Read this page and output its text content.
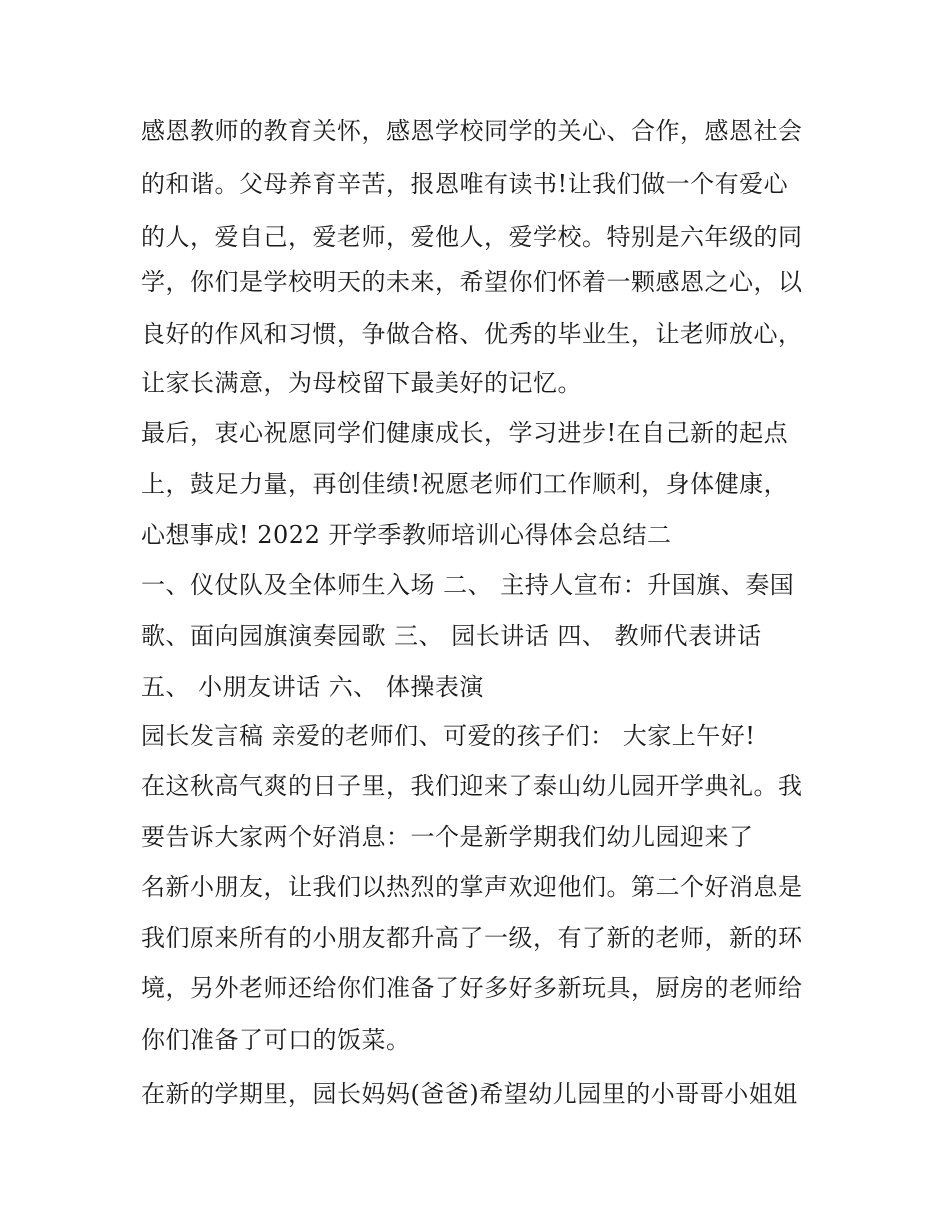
感恩教师的教育关怀，感恩学校同学的关心、合作，感恩社会
的和谐。父母养育辛苦，报恩唯有读书!让我们做一个有爱心
的人，爱自己，爱老师，爱他人，爱学校。特别是六年级的同
学，你们是学校明天的未来，希望你们怀着一颗感恩之心，以
良好的作风和习惯，争做合格、优秀的毕业生，让老师放心，
让家长满意，为母校留下最美好的记忆。
最后，衷心祝愿同学们健康成长，学习进步!在自己新的起点
上，鼓足力量，再创佳绩!祝愿老师们工作顺利，身体健康，
心想事成! 2022 开学季教师培训心得体会总结二
一、仪仗队及全体师生入场 二、 主持人宣布：升国旗、奏国
歌、面向园旗演奏园歌 三、 园长讲话 四、 教师代表讲话
五、 小朋友讲话 六、 体操表演
园长发言稿 亲爱的老师们、可爱的孩子们： 大家上午好!
在这秋高气爽的日子里，我们迎来了泰山幼儿园开学典礼。我
要告诉大家两个好消息：一个是新学期我们幼儿园迎来了
名新小朋友，让我们以热烈的掌声欢迎他们。第二个好消息是
我们原来所有的小朋友都升高了一级，有了新的老师，新的环
境，另外老师还给你们准备了好多好多新玩具，厨房的老师给
你们准备了可口的饭菜。
在新的学期里，园长妈妈(爸爸)希望幼儿园里的小哥哥小姐姐
